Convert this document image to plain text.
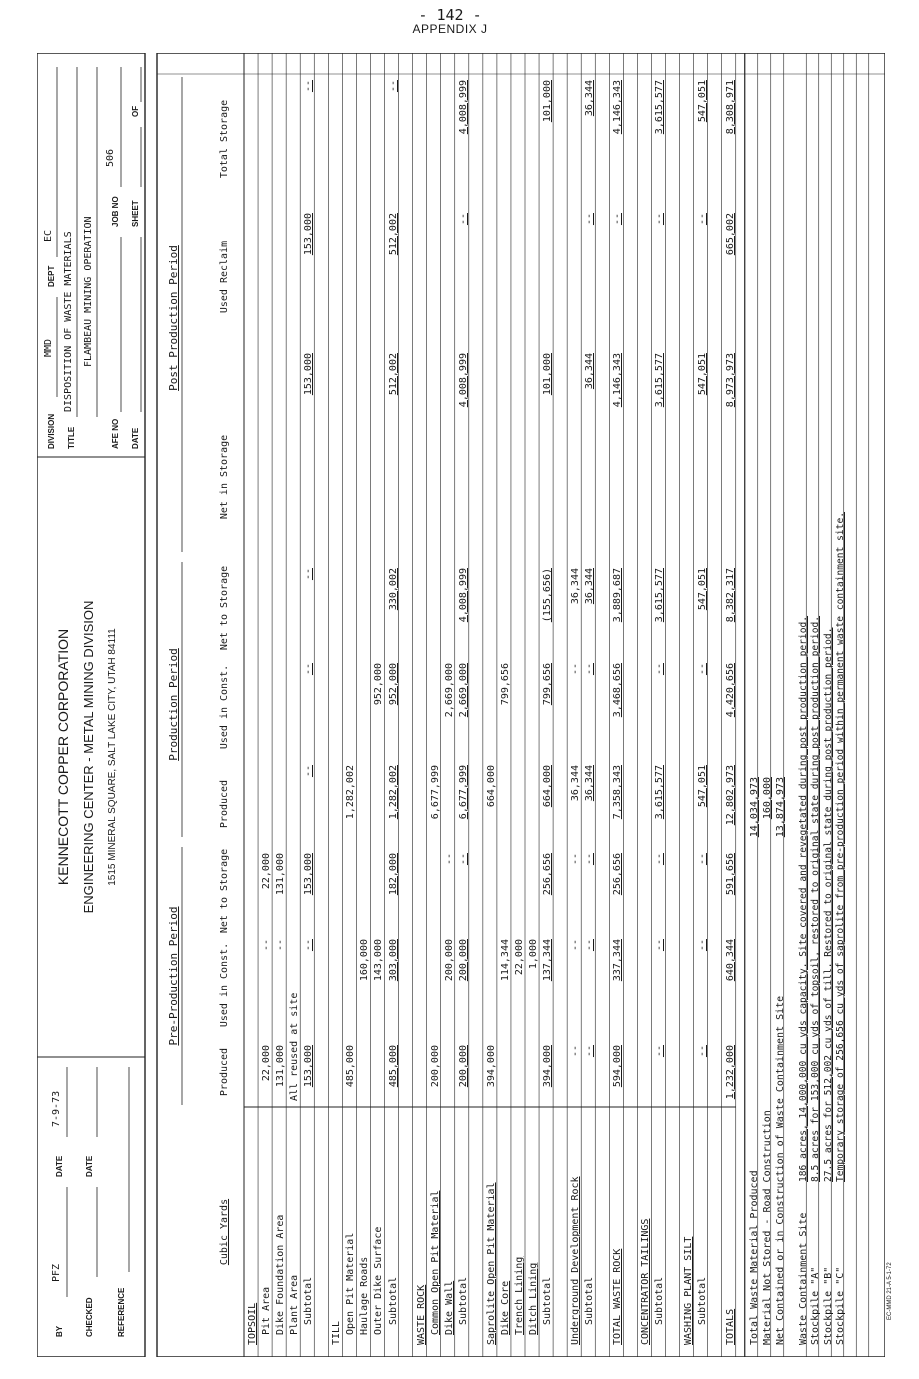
- 142 -
APPENDIX J
BY
PFZ
DATE
7-9-73
CHECKED
DATE
REFERENCE
KENNECOTT COPPER CORPORATION ENGINEERING CENTER - METAL MINING DIVISION 1515 MINERAL SQUARE, SALT LAKE CITY, UTAH 84111
DIVISION
MMD
DEPT
EC
TITLE
DISPOSITION OF WASTE MATERIALS FLAMBEAU MINING OPERATION
AFE NO
JOB NO
506
DATE
SHEET
OF
Pre-Production Period
Production Period
Post Production Period
Cubic Yards
Produced
Used in Const.
Net to Storage
Produced
Used in Const.
Net to Storage
Net in Storage
Used Reclaim
Total Storage
TOPSOIL Pit Area
22,000
--
22,000
Dike Foundation Area
131,000
--
131,000
Plant Area
All reused at site
Subtotal
153,000
--
153,000
--
--
--
153,000
153,000
--
TILL Open Pit Material
485,000
1,282,002
Haulage Roads
160,000
Outer Dike Surface
143,000
952,000
Subtotal
485,000
303,000
182,000
1,282,002
952,000
330,002
512,002
512,002
--
WASTE ROCK Common Open Pit Material
200,000
6,677,999
Dike Wall
200,000
--
2,669,000
Subtotal
200,000
200,000
--
6,677,999
2,669,000
4,008,999
4,008,999
--
4,008,999
Saprolite Open Pit Material
394,000
664,000
Dike Core
114,344
799,656
Trench Lining
22,000
Ditch Lining
1,000
Subtotal
394,000
137,344
256,656
664,000
799,656
(155,656)
101,000
101,000
Underground Development Rock
--
--
--
36,344
--
36,344
Subtotal
--
--
--
36,344
--
36,344
36,344
--
36,344
TOTAL WASTE ROCK
594,000
337,344
256,656
7,358,343
3,468,656
3,889,687
4,146,343
--
4,146,343
CONCENTRATOR TAILINGS Subtotal
--
--
--
3,615,577
--
3,615,577
3,615,577
--
3,615,577
WASHING PLANT SILT Subtotal
--
--
--
547,051
--
547,051
547,051
--
547,051
TOTALS
1,232,000
640,344
591,656
12,802,973
4,420,656
8,382,317
8,973,973
665,002
8,308,971
Total Waste Material Produced
14,034,973
Material Not Stored - Road Construction
160,000
Net Contained or in Construction of Waste Containment Site
13,874,973
Waste Containment Site
186 acres, 14,000,000 cu yds capacity. Site covered and revegetated during post production period.
Stockpile "A"
8.5 acres for 153,000 cu yds of topsoil, restored to original state during post production period.
Stockpile "B"
27.5 acres for 512,002 cu yds of till. Restored to original state during post production period.
Stockpile "C"
Temporary storage of 256,656 cu yds of saprolite from pre-production period within permanent waste containment site.
EC-MMD 21-A 5-1-72
